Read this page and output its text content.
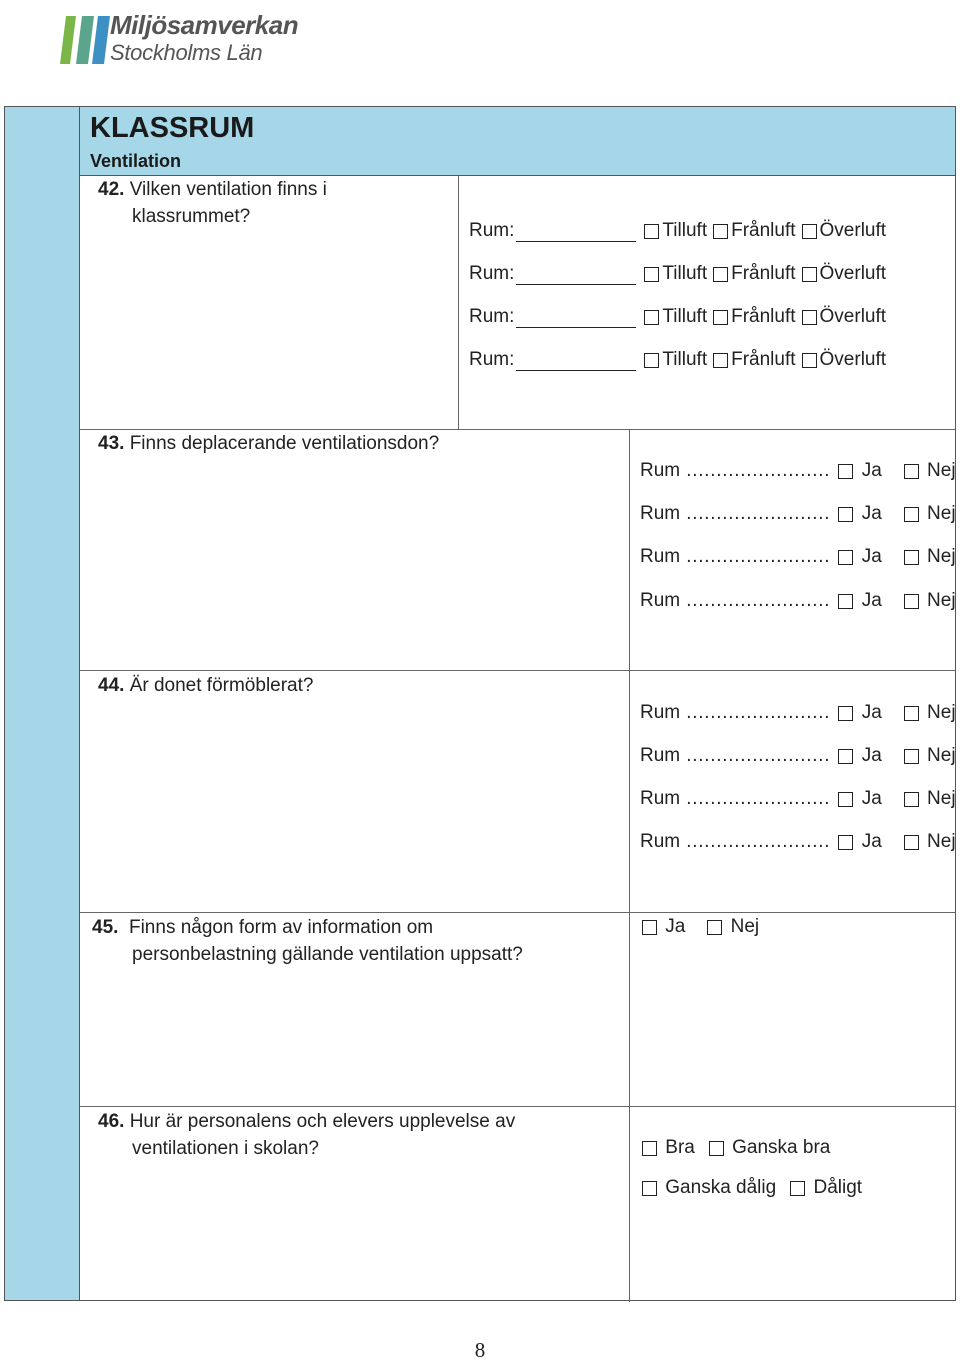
Miljösamverkan
Stockholms Län
KLASSRUM
Ventilation
42. Vilken ventilation finns i
klassrummet?
Rum:	Tilluft Frånluft Överluft
Rum:	Tilluft Frånluft Överluft
Rum:	Tilluft Frånluft Överluft
Rum:	Tilluft Frånluft Överluft
43. Finns deplacerande ventilationsdon?
Rum
……………………
Ja
Nej
Rum
……………………
Ja
Nej
Rum
……………………
Ja
Nej
Rum
……………………
Ja
Nej
44. Är donet förmöblerat?
Rum
……………………
Ja
Nej
Rum
……………………
Ja
Nej
Rum
……………………
Ja
Nej
Rum
……………………
Ja
Nej
45. Finns någon form av information om
personbelastning gällande ventilation uppsatt?

Ja
Nej
46. Hur är personalens och elevers upplevelse av
ventilationen i skolan?
	Bra
Ganska bra

Ganska dålig
Dåligt
8
